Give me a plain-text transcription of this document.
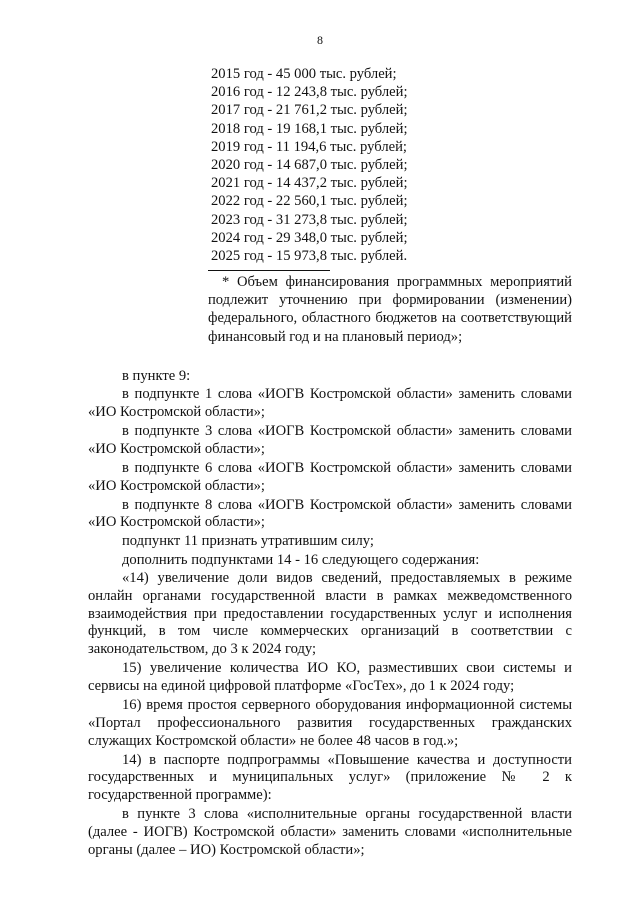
8
2015 год - 45 000 тыс. рублей;
2016 год - 12 243,8 тыс. рублей;
2017 год - 21 761,2 тыс. рублей;
2018 год - 19 168,1 тыс. рублей;
2019 год - 11 194,6 тыс. рублей;
2020 год - 14 687,0 тыс. рублей;
2021 год - 14 437,2 тыс. рублей;
2022 год - 22 560,1 тыс. рублей;
2023 год - 31 273,8 тыс. рублей;
2024 год - 29 348,0 тыс. рублей;
2025 год - 15 973,8 тыс. рублей.
* Объем финансирования программных мероприятий подлежит уточнению при формировании (изменении) федерального, областного бюджетов на соответствующий финансовый год и на плановый период»;

в пункте 9:

в подпункте 1 слова «ИОГВ Костромской области» заменить словами «ИО Костромской области»;

в подпункте 3 слова «ИОГВ Костромской области» заменить словами «ИО Костромской области»;

в подпункте 6 слова «ИОГВ Костромской области» заменить словами «ИО Костромской области»;

в подпункте 8 слова «ИОГВ Костромской области» заменить словами «ИО Костромской области»;

подпункт 11 признать утратившим силу;

дополнить подпунктами 14 - 16 следующего содержания:

«14) увеличение доли видов сведений, предоставляемых в режиме онлайн органами государственной власти в рамках межведомственного взаимодействия при предоставлении государственных услуг и исполнения функций, в том числе коммерческих организаций в соответствии с законодательством, до 3 к 2024 году;

15) увеличение количества ИО КО, разместивших свои системы и сервисы на единой цифровой платформе «ГосТех», до 1 к 2024 году;

16) время простоя серверного оборудования информационной системы «Портал профессионального развития государственных гражданских служащих Костромской области» не более 48 часов в год.»;

14) в паспорте подпрограммы «Повышение качества и доступности государственных и муниципальных услуг» (приложение № 2 к государственной программе):

в пункте 3 слова «исполнительные органы государственной власти (далее - ИОГВ) Костромской области» заменить словами «исполнительные органы (далее – ИО) Костромской области»;
